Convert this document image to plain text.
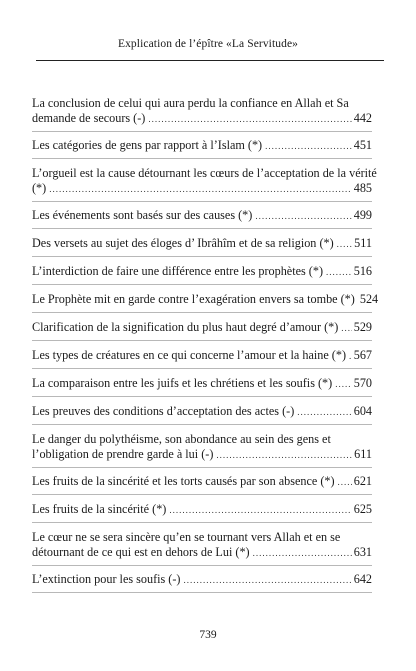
Explication de l’épître «La Servitude»
La conclusion de celui qui aura perdu la confiance en Allah et Sa
demande de secours (-) .....	442
Les catégories de gens par rapport à l’Islam (*) .....	451
L’orgueil est la cause détournant les cœurs de l’acceptation de la vérité
(*) .....	485
Les événements sont basés sur des causes (*) .....	499
Des versets au sujet des éloges d’ Ibrâhîm et de sa religion (*) ..... 511
L’interdiction de faire une différence entre les prophètes (*) .....	516
Le Prophète mit en garde contre l’exagération envers sa tombe (*) 524
Clarification de la signification du plus haut degré d’amour (*) ..... 529
Les types de créatures en ce qui concerne l’amour et la haine (*) ..... 567
La comparaison entre les juifs et les chrétiens et les soufis (*) ..... 570
Les preuves des conditions d’acceptation des actes (-) .....	604
Le danger du polythéisme, son abondance au sein des gens et
l’obligation de prendre garde à lui (-) .....	611
Les fruits de la sincérité et les torts causés par son absence (*) ..... 621
Les fruits de la sincérité (*) .....	625
Le cœur ne se sera sincère qu’en se tournant vers Allah et en se
détournant de ce qui est en dehors de Lui (*) .....	631
L’extinction pour les soufis (-) .....	642
739
